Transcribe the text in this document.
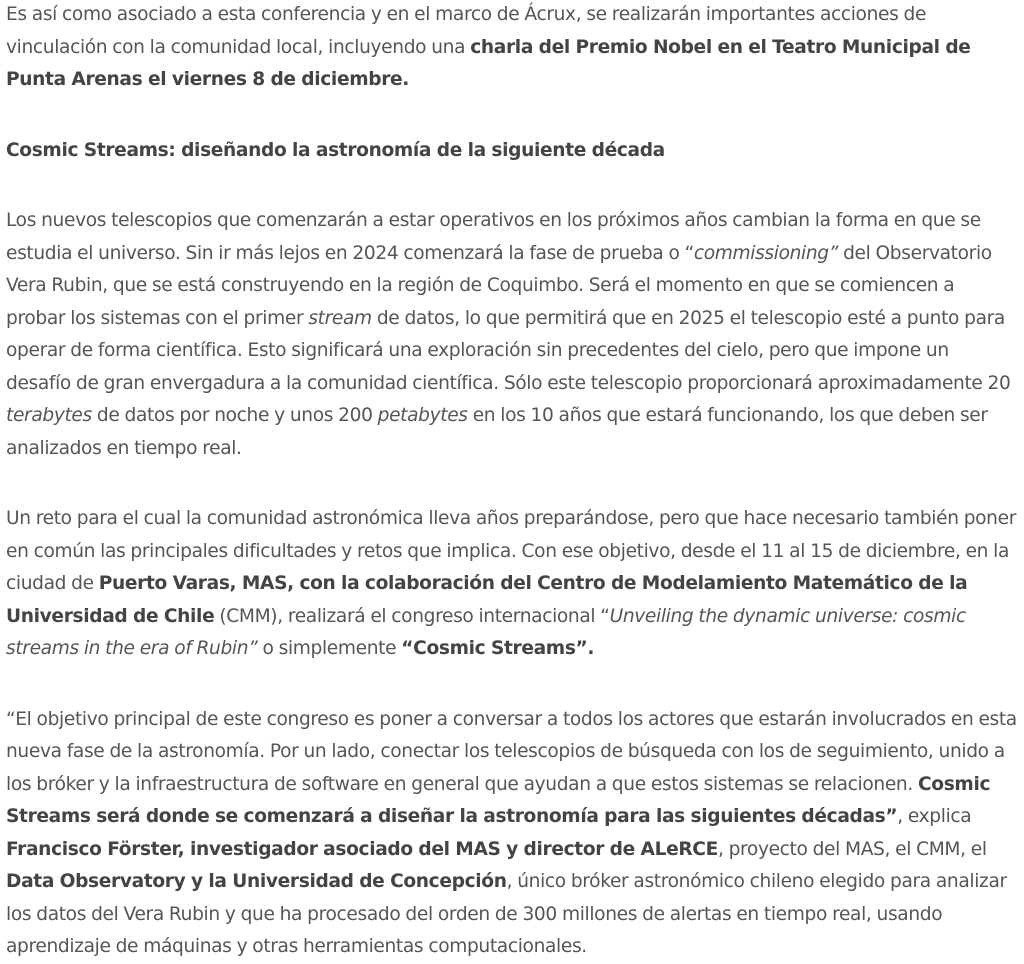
Es así como asociado a esta conferencia y en el marco de Ácrux, se realizarán importantes acciones de vinculación con la comunidad local, incluyendo una charla del Premio Nobel en el Teatro Municipal de Punta Arenas el viernes 8 de diciembre.

Cosmic Streams: diseñando la astronomía de la siguiente década

Los nuevos telescopios que comenzarán a estar operativos en los próximos años cambian la forma en que se estudia el universo. Sin ir más lejos en 2024 comenzará la fase de prueba o “commissioning” del Observatorio Vera Rubin, que se está construyendo en la región de Coquimbo. Será el momento en que se comiencen a probar los sistemas con el primer stream de datos, lo que permitirá que en 2025 el telescopio esté a punto para operar de forma científica. Esto significará una exploración sin precedentes del cielo, pero que impone un desafío de gran envergadura a la comunidad científica. Sólo este telescopio proporcionará aproximadamente 20 terabytes de datos por noche y unos 200 petabytes en los 10 años que estará funcionando, los que deben ser analizados en tiempo real.

Un reto para el cual la comunidad astronómica lleva años preparándose, pero que hace necesario también poner en común las principales dificultades y retos que implica. Con ese objetivo, desde el 11 al 15 de diciembre, en la ciudad de Puerto Varas, MAS, con la colaboración del Centro de Modelamiento Matemático de la Universidad de Chile (CMM), realizará el congreso internacional “Unveiling the dynamic universe: cosmic streams in the era of Rubin” o simplemente “Cosmic Streams”.

“El objetivo principal de este congreso es poner a conversar a todos los actores que estarán involucrados en esta nueva fase de la astronomía. Por un lado, conectar los telescopios de búsqueda con los de seguimiento, unido a los bróker y la infraestructura de software en general que ayudan a que estos sistemas se relacionen. Cosmic Streams será donde se comenzará a diseñar la astronomía para las siguientes décadas”, explica Francisco Förster, investigador asociado del MAS y director de ALeRCE, proyecto del MAS, el CMM, el Data Observatory y la Universidad de Concepción, único bróker astronómico chileno elegido para analizar los datos del Vera Rubin y que ha procesado del orden de 300 millones de alertas en tiempo real, usando aprendizaje de máquinas y otras herramientas computacionales.
